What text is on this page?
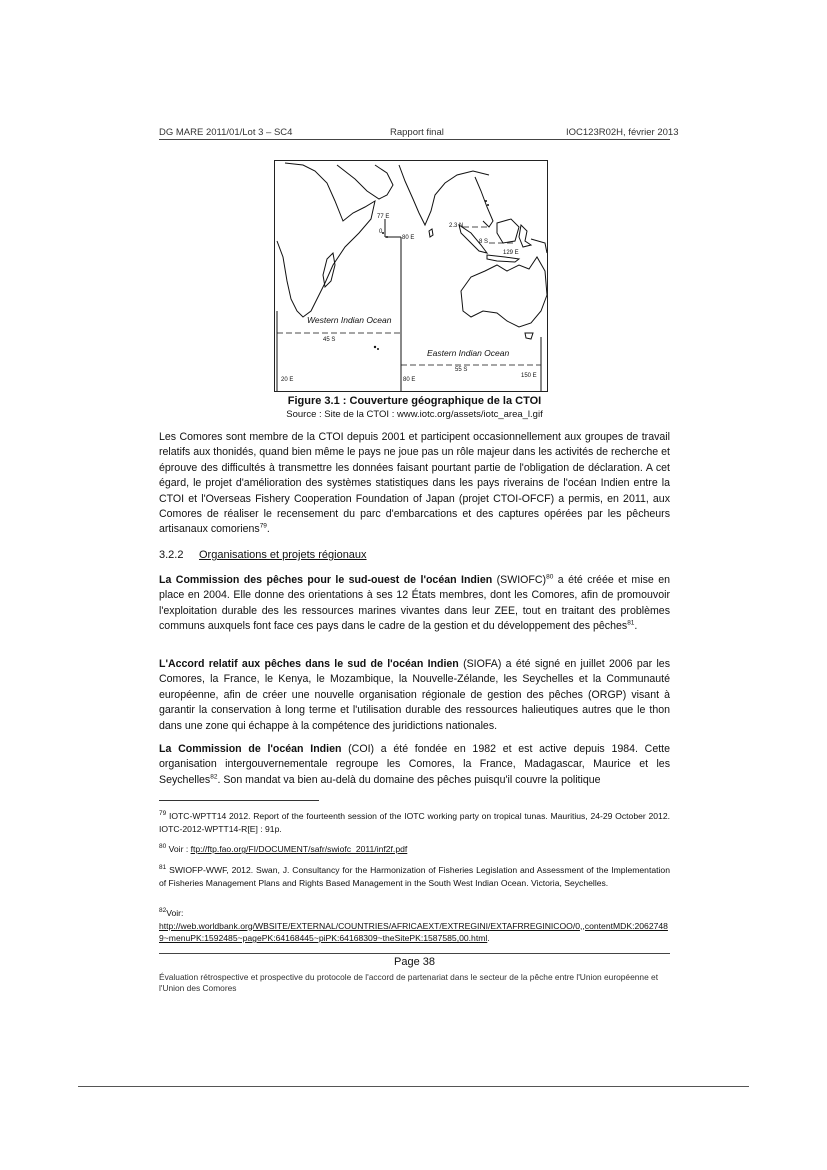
DG MARE 2011/01/Lot 3 – SC4	Rapport final	IOC123R02H, février 2013
Western Indian Ocean
Eastern Indian Ocean
77 E
0
80 E
2.3 N
8 S
129 E
45 S
55 S
20 E	80 E
150 E
Figure 3.1 : Couverture géographique de la CTOI
Source : Site de la CTOI : www.iotc.org/assets/iotc_area_l.gif
Les Comores sont membre de la CTOI depuis 2001 et participent occasionnellement aux groupes de travail relatifs aux thonidés, quand bien même le pays ne joue pas un rôle majeur dans les activités de recherche et éprouve des difficultés à transmettre les données faisant pourtant partie de l'obligation de déclaration. A cet égard, le projet d'amélioration des systèmes statistiques dans les pays riverains de l'océan Indien entre la CTOI et l'Overseas Fishery Cooperation Foundation of Japan (projet CTOI-OFCF) a permis, en 2011, aux Comores de réaliser le recensement du parc d'embarcations et des captures opérées par les pêcheurs artisanaux comoriens$^{79}$.
3.2.2 Organisations et projets régionaux
La Commission des pêches pour le sud-ouest de l'océan Indien (SWIOFC)$^{80}$ a été créée et mise en place en 2004. Elle donne des orientations à ses 12 États membres, dont les Comores, afin de promouvoir l'exploitation durable des les ressources marines vivantes dans leur ZEE, tout en traitant des problèmes communs auxquels font face ces pays dans le cadre de la gestion et du développement des pêches$^{81}$.
L'Accord relatif aux pêches dans le sud de l'océan Indien (SIOFA) a été signé en juillet 2006 par les Comores, la France, le Kenya, le Mozambique, la Nouvelle-Zélande, les Seychelles et la Communauté européenne, afin de créer une nouvelle organisation régionale de gestion des pêches (ORGP) visant à garantir la conservation à long terme et l'utilisation durable des ressources halieutiques autres que le thon dans une zone qui échappe à la compétence des juridictions nationales.
La Commission de l'océan Indien (COI) a été fondée en 1982 et est active depuis 1984. Cette organisation intergouvernementale regroupe les Comores, la France, Madagascar, Maurice et les Seychelles$^{82}$. Son mandat va bien au-delà du domaine des pêches puisqu'il couvre la politique
$^{79}$ IOTC-WPTT14 2012. Report of the fourteenth session of the IOTC working party on tropical tunas. Mauritius, 24-29 October 2012. IOTC-2012-WPTT14-R[E] : 91p.
$^{80}$ Voir : ftp://ftp.fao.org/FI/DOCUMENT/safr/swiofc_2011/inf2f.pdf
$^{81}$ SWIOFP-WWF, 2012. Swan, J. Consultancy for the Harmonization of Fisheries Legislation and Assessment of the Implementation of Fisheries Management Plans and Rights Based Management in the South West Indian Ocean. Victoria, Seychelles.
$^{82}$Voir:
http://web.worldbank.org/WBSITE/EXTERNAL/COUNTRIES/AFRICAEXT/EXTREGINI/EXTAFRREGINICOO/0,,contentMDK:20627489~menuPK:1592485~pagePK:64168445~piPK:64168309~theSitePK:1587585,00.html.
Page 38
Évaluation rétrospective et prospective du protocole de l'accord de partenariat dans le secteur de la pêche entre l'Union européenne et l'Union des Comores
